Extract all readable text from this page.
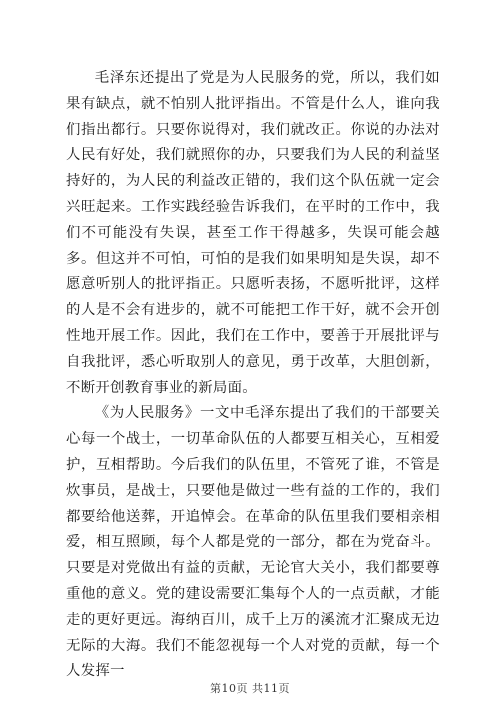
毛泽东还提出了党是为人民服务的党，所以，我们如果有缺点，就不怕别人批评指出。不管是什么人，谁向我们指出都行。只要你说得对，我们就改正。你说的办法对人民有好处，我们就照你的办，只要我们为人民的利益坚持好的，为人民的利益改正错的，我们这个队伍就一定会兴旺起来。工作实践经验告诉我们，在平时的工作中，我们不可能没有失误，甚至工作干得越多，失误可能会越多。但这并不可怕，可怕的是我们如果明知是失误，却不愿意听别人的批评指正。只愿听表扬，不愿听批评，这样的人是不会有进步的，就不可能把工作干好，就不会开创性地开展工作。因此，我们在工作中，要善于开展批评与自我批评，悉心听取别人的意见，勇于改革，大胆创新，不断开创教育事业的新局面。

《为人民服务》一文中毛泽东提出了我们的干部要关心每一个战士，一切革命队伍的人都要互相关心，互相爱护，互相帮助。今后我们的队伍里，不管死了谁，不管是炊事员，是战士，只要他是做过一些有益的工作的，我们都要给他送葬，开追悼会。在革命的队伍里我们要相亲相爱，相互照顾，每个人都是党的一部分，都在为党奋斗。只要是对党做出有益的贡献，无论官大关小，我们都要尊重他的意义。党的建设需要汇集每个人的一点贡献，才能走的更好更远。海纳百川，成千上万的溪流才汇聚成无边无际的大海。我们不能忽视每一个人对党的贡献，每一个人发挥一

第10页 共11页
